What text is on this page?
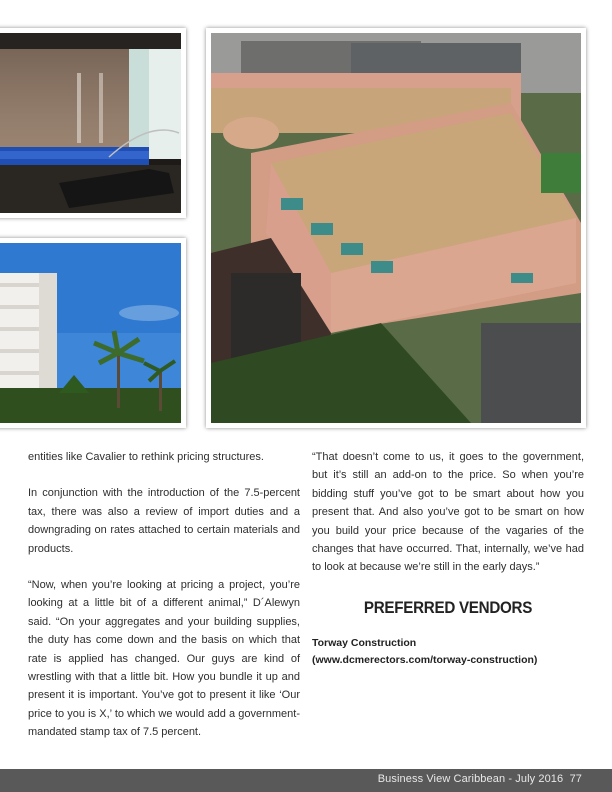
entities like Cavalier to rethink pricing structures.

In conjunction with the introduction of the 7.5-percent tax, there was also a review of import duties and a downgrading on rates attached to certain materials and products.

“Now, when you’re looking at pricing a project, you’re looking at a little bit of a different animal,” D´Alewyn said. “On your aggregates and your building supplies, the duty has come down and the basis on which that rate is applied has changed. Our guys are kind of wrestling with that a little bit. How you bundle it up and present it is important. You’ve got to present it like ‘Our price to you is X,’ to which we would add a government-mandated stamp tax of 7.5 percent.

“That doesn’t come to us, it goes to the government, but it’s still an add-on to the price. So when you’re bidding stuff you’ve got to be smart about how you present that. And also you’ve got to be smart on how you build your price because of the vagaries of the changes that have occurred. That, internally, we’ve had to look at because we’re still in the early days.”

PREFERRED VENDORS
Torway Construction
(www.dcmerectors.com/torway-construction)
Business View Caribbean - July 2016 77
